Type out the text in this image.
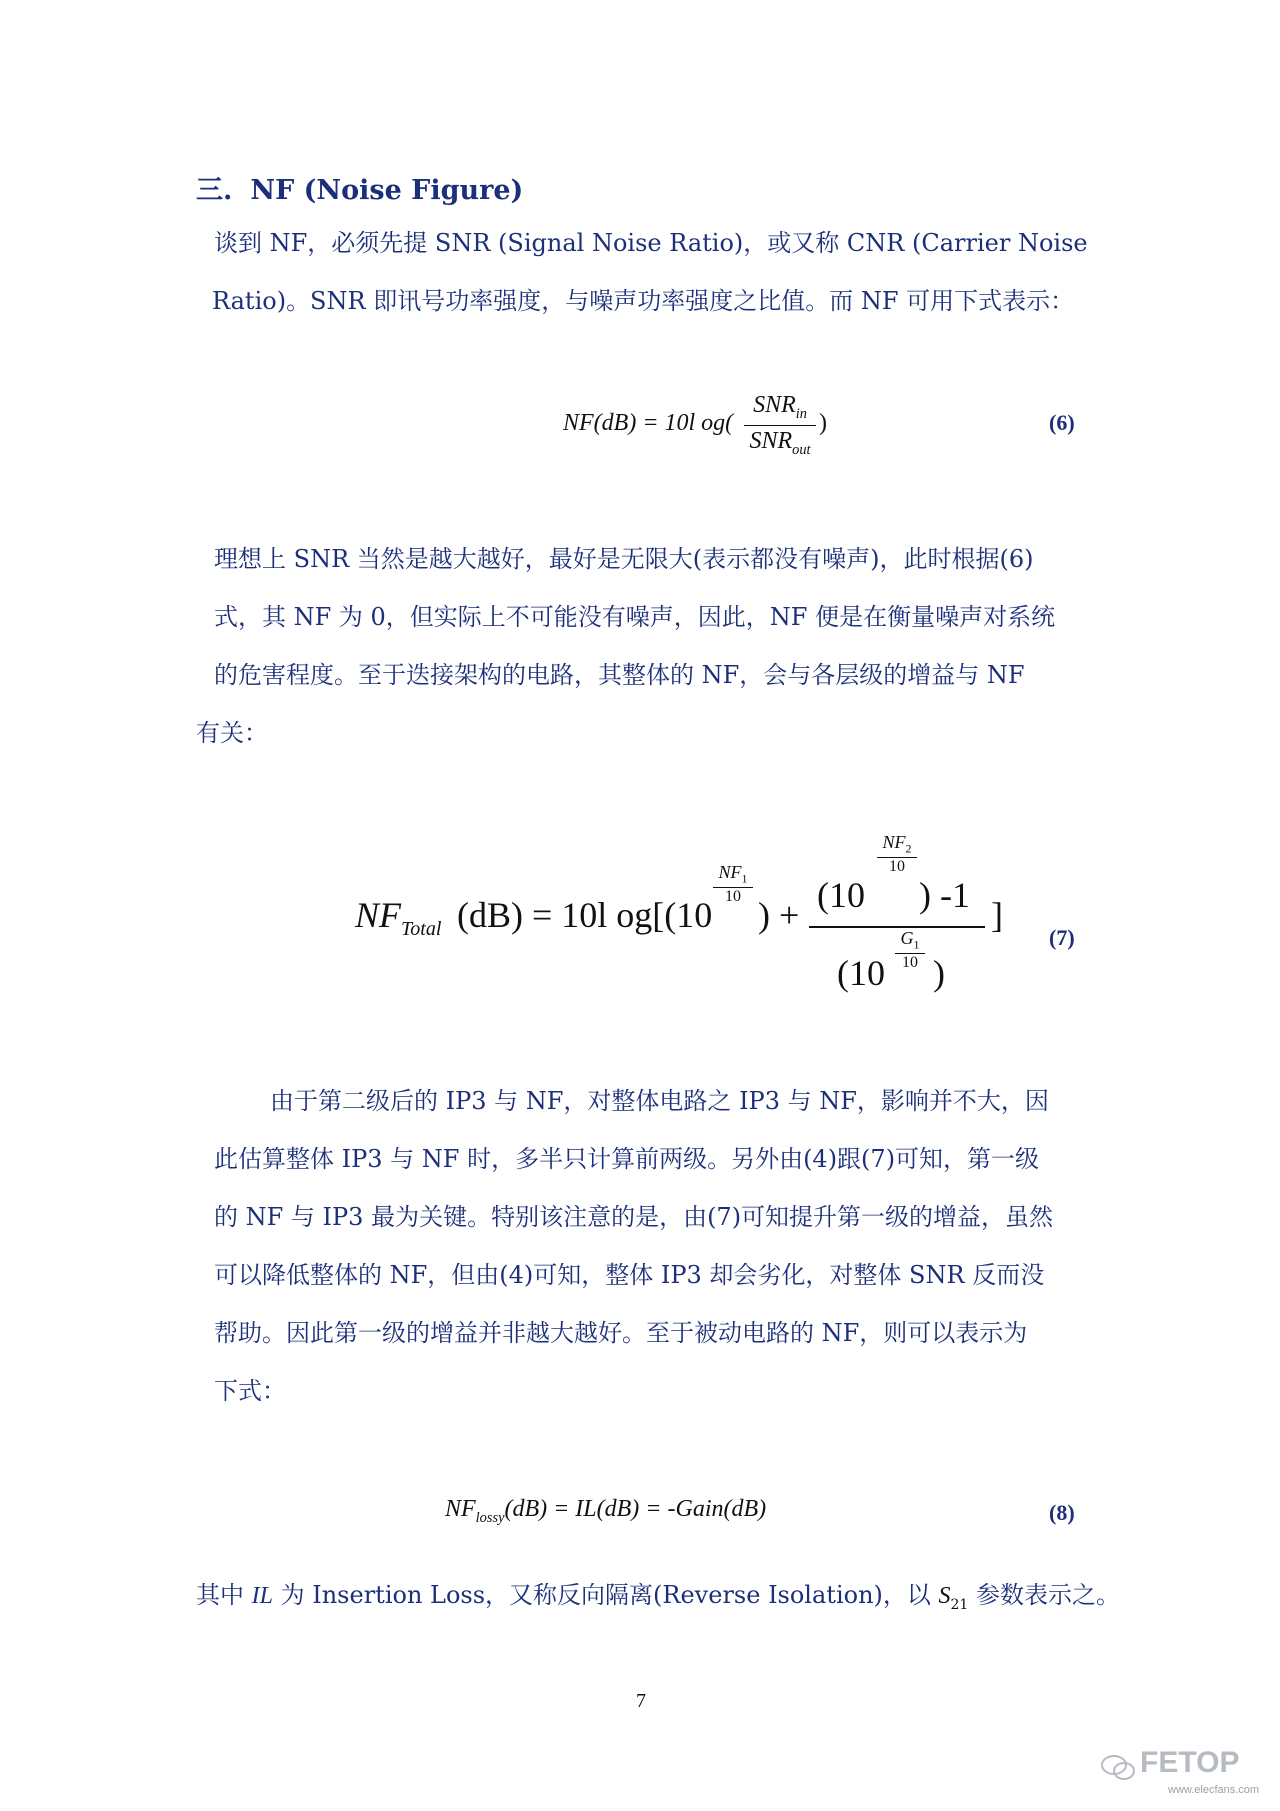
三. NF (Noise Figure)
谈到 NF，必须先提 SNR (Signal Noise Ratio)，或又称 CNR (Carrier Noise
Ratio)。SNR 即讯号功率强度，与噪声功率强度之比值。而 NF 可用下式表示：
NF(dB) = 10l og(
$SNR_{in}$
$SNR_{out}$
)	(6)
理想上 SNR 当然是越大越好，最好是无限大(表示都没有噪声)，此时根据(6)
式，其 NF 为 0，但实际上不可能没有噪声，因此，NF 便是在衡量噪声对系统
的危害程度。至于迭接架构的电路，其整体的 NF，会与各层级的增益与 NF
有关：
$NF_{Total}$ (dB) = 10l og[(10
$NF_1$
10 ) + (10
$NF_2$
10
) -1
(10
$G_1$
10 )
]
(7)
由于第二级后的 IP3 与 NF，对整体电路之 IP3 与 NF，影响并不大，因
此估算整体 IP3 与 NF 时，多半只计算前两级。另外由(4)跟(7)可知，第一级
的 NF 与 IP3 最为关键。特别该注意的是，由(7)可知提升第一级的增益，虽然
可以降低整体的 NF，但由(4)可知，整体 IP3 却会劣化，对整体 SNR 反而没
帮助。因此第一级的增益并非越大越好。至于被动电路的 NF，则可以表示为
下式：
$NF_{lossy}(dB) = IL(dB)$ = -Gain(dB)	(8)
其中 IL 为 Insertion Loss，又称反向隔离(Reverse Isolation)，以 $S_{21}$ 参数表示之。
7
FETOP
www.elecfans.com
